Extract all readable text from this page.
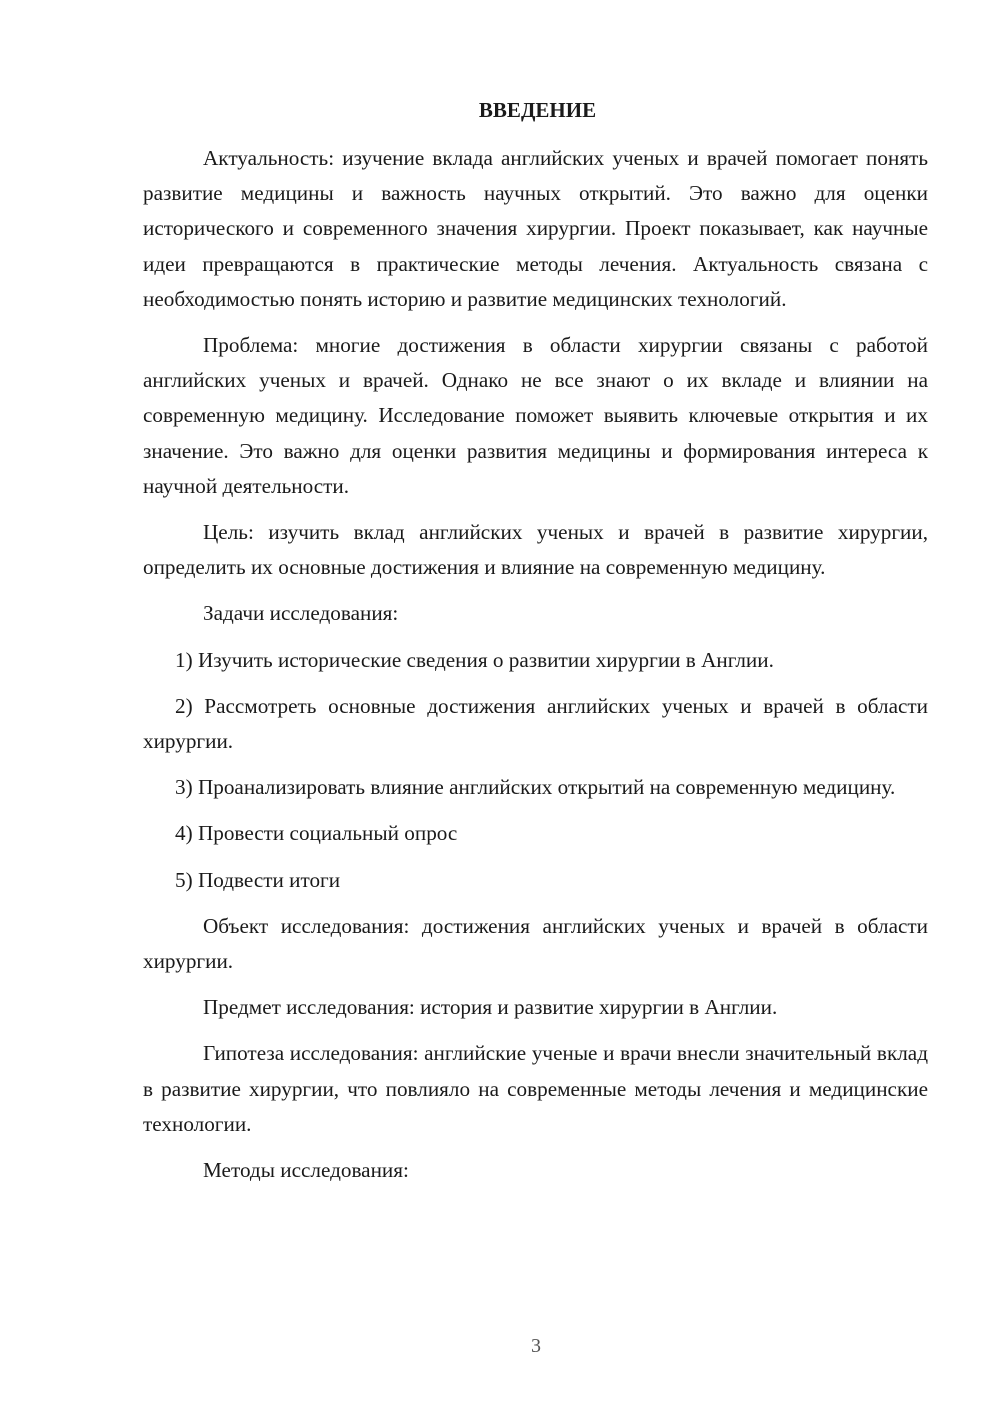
ВВЕДЕНИЕ

Актуальность: изучение вклада английских ученых и врачей помогает понять развитие медицины и важность научных открытий. Это важно для оценки исторического и современного значения хирургии. Проект показывает, как научные идеи превращаются в практические методы лечения. Актуальность связана с необходимостью понять историю и развитие медицинских технологий.

Проблема: многие достижения в области хирургии связаны с работой английских ученых и врачей. Однако не все знают о их вкладе и влиянии на современную медицину. Исследование поможет выявить ключевые открытия и их значение. Это важно для оценки развития медицины и формирования интереса к научной деятельности.

Цель: изучить вклад английских ученых и врачей в развитие хирургии, определить их основные достижения и влияние на современную медицину.

Задачи исследования:

1) Изучить исторические сведения о развитии хирургии в Англии.

2) Рассмотреть основные достижения английских ученых и врачей в области хирургии.

3) Проанализировать влияние английских открытий на современную медицину.

4) Провести социальный опрос

5) Подвести итоги

Объект исследования: достижения английских ученых и врачей в области хирургии.

Предмет исследования: история и развитие хирургии в Англии.

Гипотеза исследования: английские ученые и врачи внесли значительный вклад в развитие хирургии, что повлияло на современные методы лечения и медицинские технологии.

Методы исследования:

3
